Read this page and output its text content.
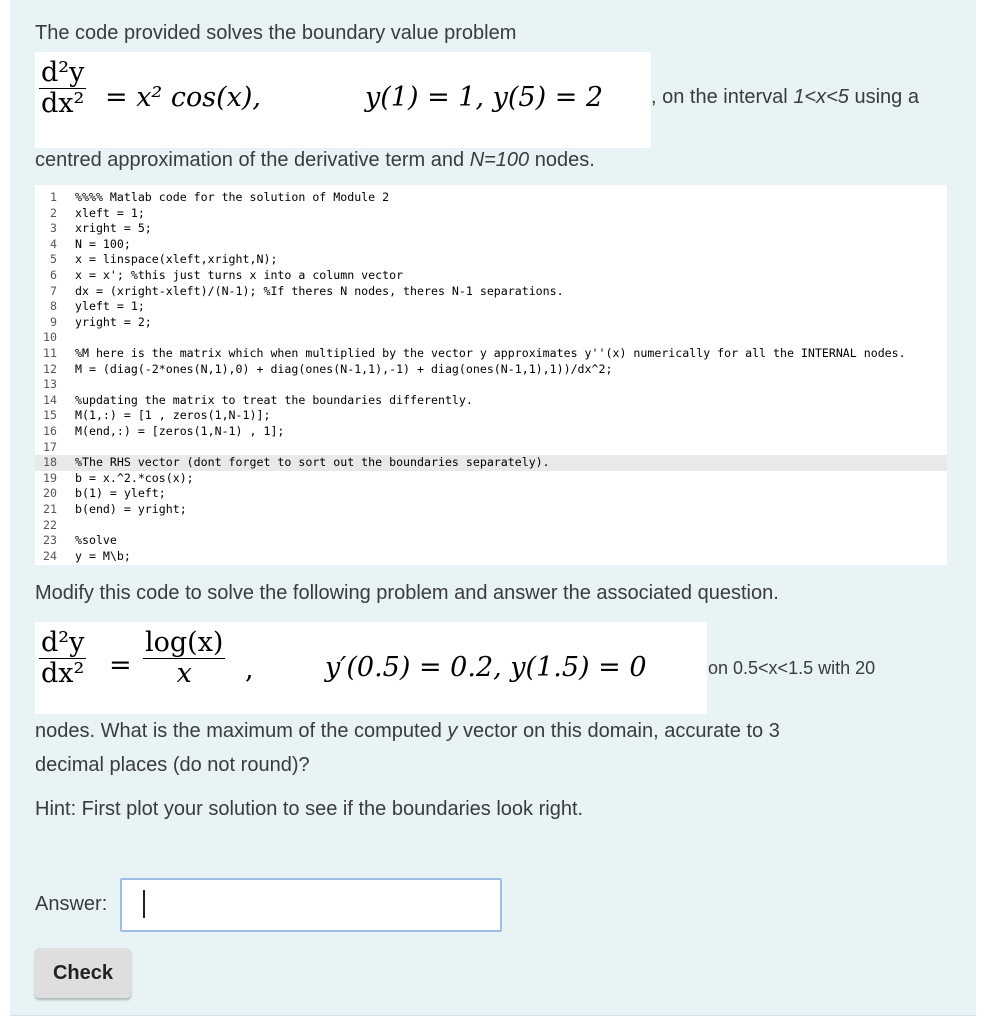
The code provided solves the boundary value problem
d²y
dx² = x² cos(x),	y(1) = 1, y(5) = 2 , on the interval 1<x<5 using a
centred approximation of the derivative term and N=100 nodes.
1 %%%% Matlab code for the solution of Module 2
2 xleft = 1;
3 xright = 5;
4 N = 100;
5 x = linspace(xleft,xright,N);
6 x = x'; %this just turns x into a column vector
7 dx = (xright-xleft)/(N-1); %If theres N nodes, theres N-1 separations.
8 yleft = 1;
9 yright = 2;
10
11 %M here is the matrix which when multiplied by the vector y approximates y''(x) numerically for all the INTERNAL nodes.
12 M = (diag(-2*ones(N,1),0) + diag(ones(N-1,1),-1) + diag(ones(N-1,1),1))/dx^2;
13
14 %updating the matrix to treat the boundaries differently.
15 M(1,:) = [1 , zeros(1,N-1)];
16 M(end,:) = [zeros(1,N-1) , 1];
17
18 %The RHS vector (dont forget to sort out the boundaries separately).
19 b = x.^2.*cos(x);
20 b(1) = yleft;
21 b(end) = yright;
22
23 %solve
24 y = M\b;
Modify this code to solve the following problem and answer the associated question.
d²y
dx² =
log(x)
x ,	y′(0.5) = 0.2, y(1.5) = 0	on 0.5<x<1.5 with 20
nodes. What is the maximum of the computed y vector on this domain, accurate to 3
decimal places (do not round)?
Hint: First plot your solution to see if the boundaries look right.
Answer:
Check
